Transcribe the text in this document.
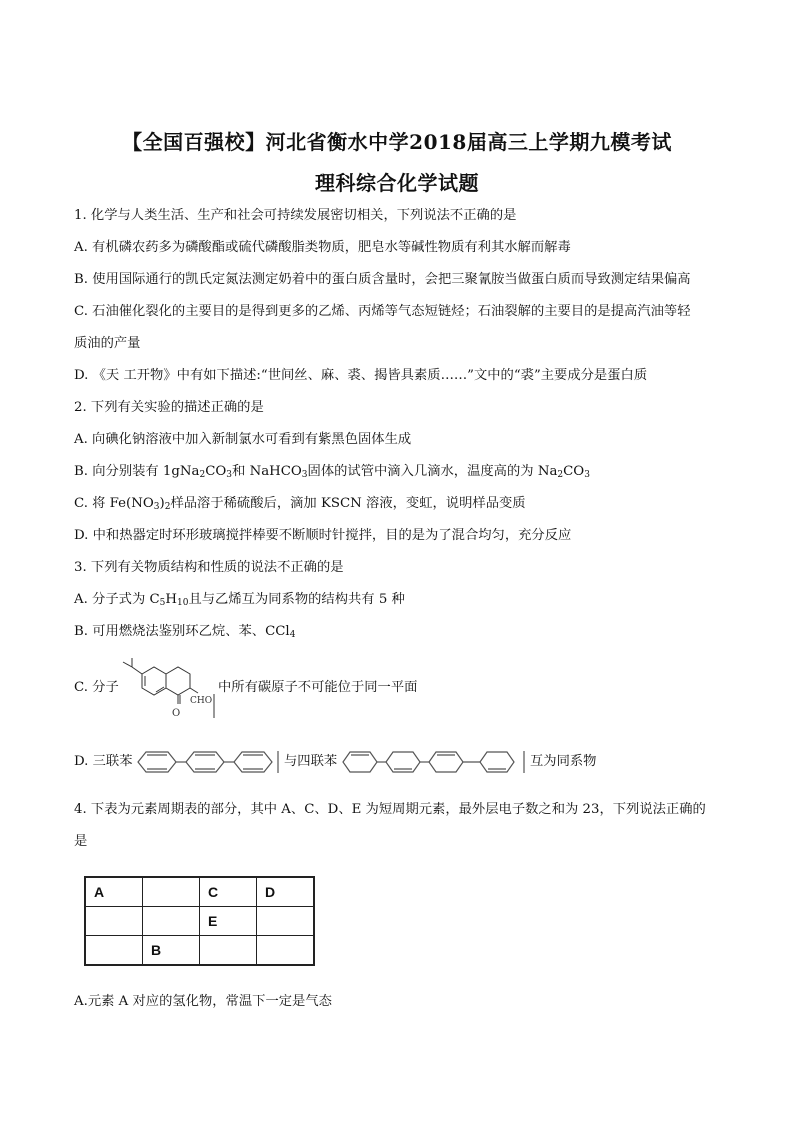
【全国百强校】河北省衡水中学2018届高三上学期九模考试
理科综合化学试题
1. 化学与人类生活、生产和社会可持续发展密切相关，下列说法不正确的是
A. 有机磷农药多为磷酸酯或硫代磷酸脂类物质，肥皂水等碱性物质有利其水解而解毒
B. 使用国际通行的凯氏定氮法测定奶着中的蛋白质含量时，会把三聚氰胺当做蛋白质而导致测定结果偏高
C. 石油催化裂化的主要目的是得到更多的乙烯、丙烯等气态短链烃；石油裂解的主要目的是提高汽油等轻
质油的产量
D. 《天 工开物》中有如下描述:“世间丝、麻、裘、揭皆具素质……”文中的“裘”主要成分是蛋白质
2. 下列有关实验的描述正确的是
A. 向碘化钠溶液中加入新制氯水可看到有紫黑色固体生成
B. 向分别装有 $1gNa_2CO_3$和 NaHCO$_3$固体的试管中滴入几滴水，温度高的为 $Na_2CO_3$
C. 将 $Fe(NO_3)_2$样品溶于稀硫酸后，滴加 KSCN 溶液，变虹，说明样品变质
D. 中和热器定时环形玻璃搅拌棒要不断顺时针搅拌，目的是为了混合均匀，充分反应
3. 下列有关物质结构和性质的说法不正确的是
A. 分子式为 $C_5H_{10}$且与乙烯互为同系物的结构共有 5 种
B. 可用燃烧法鉴别环乙烷、苯、CCl$_4$
C. 分子
O
CHO
中所有碳原子不可能位于同一平面
D. 三联苯	与四联苯	互为同系物
4. 下表为元素周期表的部分，其中 A、C、D、E 为短周期元素，最外层电子数之和为 23，下列说法正确的
是
A		C	D
		E	
	B		
A.元素 A 对应的氢化物，常温下一定是气态
